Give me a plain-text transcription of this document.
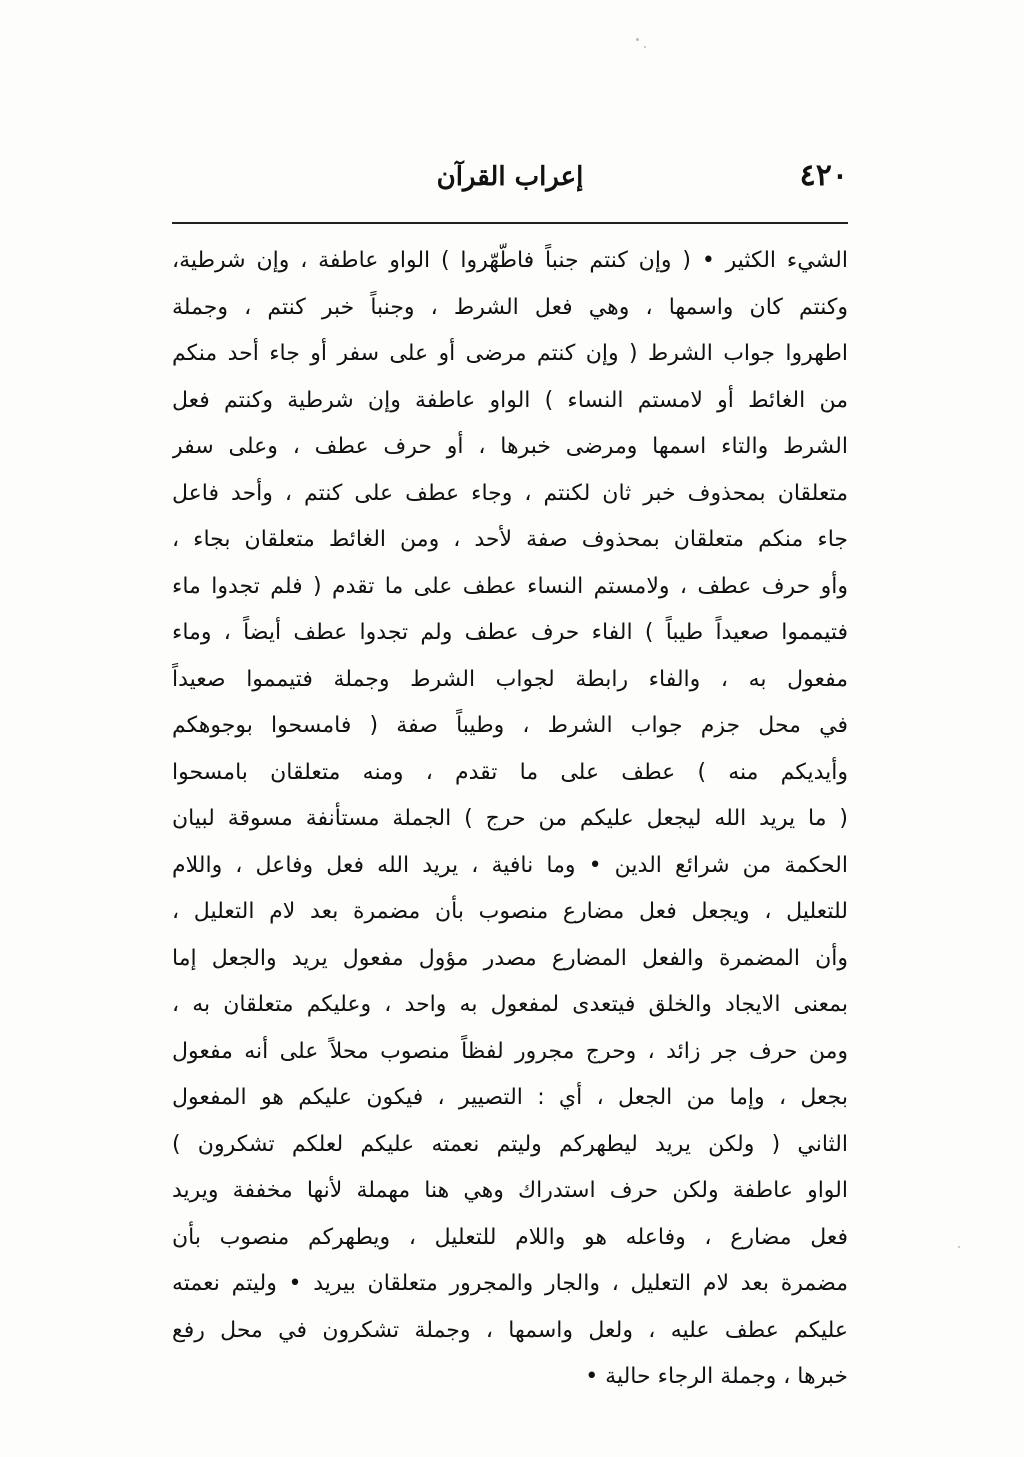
إعراب القرآن	٤٢٠
الشيء الكثير • ( وإن كنتم جنباً فاطّهّروا ) الواو عاطفة ، وإن شرطية،
وكنتم كان واسمها ، وهي فعل الشرط ، وجنباً خبر كنتم ، وجملة
اطهروا جواب الشرط ( وإن كنتم مرضى أو على سفر أو جاء أحد منكم
من الغائط أو لامستم النساء ) الواو عاطفة وإن شرطية وكنتم فعل
الشرط والتاء اسمها ومرضى خبرها ، أو حرف عطف ، وعلى سفر
متعلقان بمحذوف خبر ثان لكنتم ، وجاء عطف على كنتم ، وأحد فاعل
جاء منكم متعلقان بمحذوف صفة لأحد ، ومن الغائط متعلقان بجاء ،
وأو حرف عطف ، ولامستم النساء عطف على ما تقدم ( فلم تجدوا ماء
فتيمموا صعيداً طيباً ) الفاء حرف عطف ولم تجدوا عطف أيضاً ، وماء
مفعول به ، والفاء رابطة لجواب الشرط وجملة فتيمموا صعيداً
في محل جزم جواب الشرط ، وطيباً صفة ( فامسحوا بوجوهكم
وأيديكم منه ) عطف على ما تقدم ، ومنه متعلقان بامسحوا
( ما يريد الله ليجعل عليكم من حرج ) الجملة مستأنفة مسوقة لبيان
الحكمة من شرائع الدين • وما نافية ، يريد الله فعل وفاعل ، واللام
للتعليل ، ويجعل فعل مضارع منصوب بأن مضمرة بعد لام التعليل ،
وأن المضمرة والفعل المضارع مصدر مؤول مفعول يريد والجعل إما
بمعنى الايجاد والخلق فيتعدى لمفعول به واحد ، وعليكم متعلقان به ،
ومن حرف جر زائد ، وحرج مجرور لفظاً منصوب محلاً على أنه مفعول
بجعل ، وإما من الجعل ، أي : التصيير ، فيكون عليكم هو المفعول
الثاني ( ولكن يريد ليطهركم وليتم نعمته عليكم لعلكم تشكرون )
الواو عاطفة ولكن حرف استدراك وهي هنا مهملة لأنها مخففة ويريد
فعل مضارع ، وفاعله هو واللام للتعليل ، ويطهركم منصوب بأن
مضمرة بعد لام التعليل ، والجار والمجرور متعلقان بيريد • وليتم نعمته
عليكم عطف عليه ، ولعل واسمها ، وجملة تشكرون في محل رفع
خبرها ، وجملة الرجاء حالية •
